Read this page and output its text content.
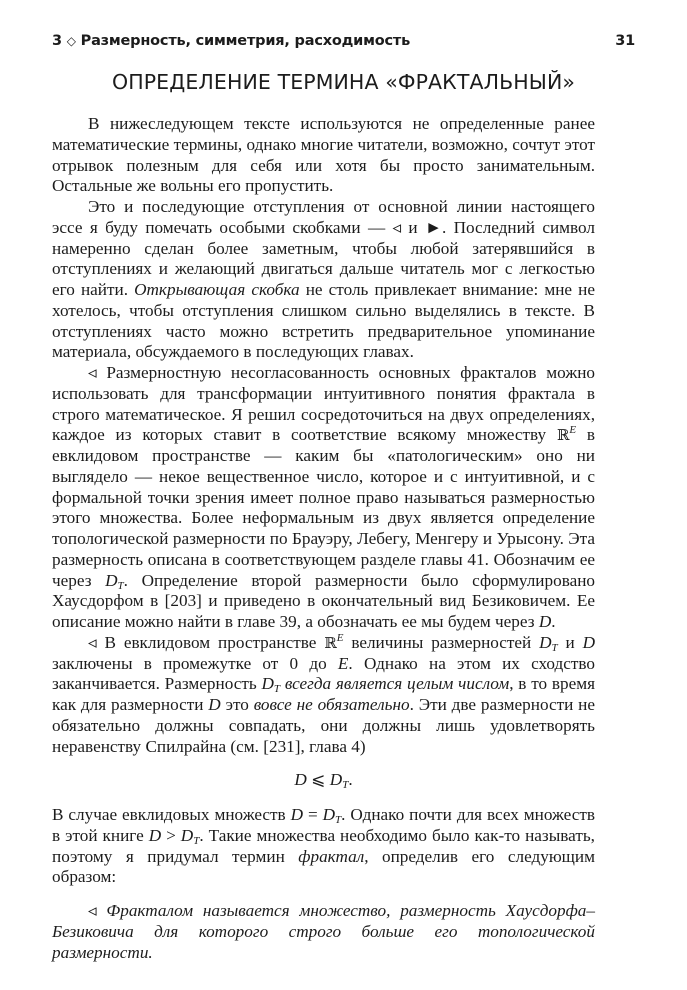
3 ◇ Размерность, симметрия, расходимость	31
ОПРЕДЕЛЕНИЕ ТЕРМИНА «ФРАКТАЛЬНЫЙ»

В нижеследующем тексте используются не определенные ранее математические термины, однако многие читатели, возможно, сочтут этот отрывок полезным для себя или хотя бы просто занимательным. Остальные же вольны его пропустить.

Это и последующие отступления от основной линии настоящего эссе я буду помечать особыми скобками — ◃ и ►. Последний символ намеренно сделан более заметным, чтобы любой затерявшийся в отступлениях и желающий двигаться дальше читатель мог с легкостью его найти. Открывающая скобка не столь привлекает внимание: мне не хотелось, чтобы отступления слишком сильно выделялись в тексте. В отступлениях часто можно встретить предварительное упоминание материала, обсуждаемого в последующих главах.

◃ Размерностную несогласованность основных фракталов можно использовать для трансформации интуитивного понятия фрактала в строго математическое. Я решил сосредоточиться на двух определениях, каждое из которых ставит в соответствие всякому множеству ℝ$^E$ в евклидовом пространстве — каким бы «патологическим» оно ни выглядело — некое вещественное число, которое и с интуитивной, и с формальной точки зрения имеет полное право называться размерностью этого множества. Более неформальным из двух является определение топологической размерности по Брауэру, Лебегу, Менгеру и Урысону. Эта размерность описана в соответствующем разделе главы 41. Обозначим ее через $D_T$. Определение второй размерности было сформулировано Хаусдорфом в [203] и приведено в окончательный вид Безиковичем. Ее описание можно найти в главе 39, а обозначать ее мы будем через D.

◃ В евклидовом пространстве ℝ$^E$ величины размерностей $D_T$ и D заключены в промежутке от 0 до E. Однако на этом их сходство заканчивается. Размерность $D_T$ всегда является целым числом, в то время как для размерности D это вовсе не обязательно. Эти две размерности не обязательно должны совпадать, они должны лишь удовлетворять неравенству Спилрайна (см. [231], глава 4)

D ⩽ $D_T$.

В случае евклидовых множеств $D = D_T$. Однако почти для всех множеств в этой книге $D > D_T$. Такие множества необходимо было как-то называть, поэтому я придумал термин фрактал, определив его следующим образом:

◃ Фракталом называется множество, размерность Хаусдорфа–Безиковича для которого строго больше его топологической размерности.
